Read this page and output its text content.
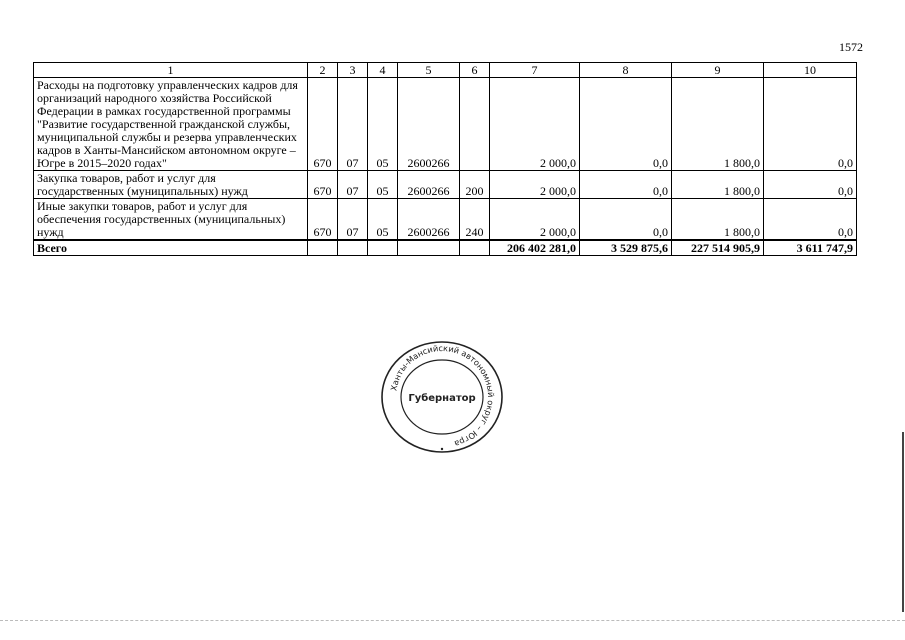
1572
1	2	3	4	5	6	7	8	9	10
Расходы на подготовку управленческих кадров для организаций народного хозяйства Российской Федерации в рамках государственной программы "Развитие государственной гражданской службы, муниципальной службы и резерва управленческих кадров в Ханты-Мансийском автономном округе – Югре в 2015–2020 годах"	670	07	05	2600266		2 000,0	0,0	1 800,0	0,0
Закупка товаров, работ и услуг для государственных (муниципальных) нужд	670	07	05	2600266	200	2 000,0	0,0	1 800,0	0,0
Иные закупки товаров, работ и услуг для обеспечения государственных (муниципальных) нужд	670	07	05	2600266	240	2 000,0	0,0	1 800,0	0,0
Всего						206 402 281,0	3 529 875,6	227 514 905,9	3 611 747,9
Ханты-Мансийский автономный округ – Югра
Губернатор
